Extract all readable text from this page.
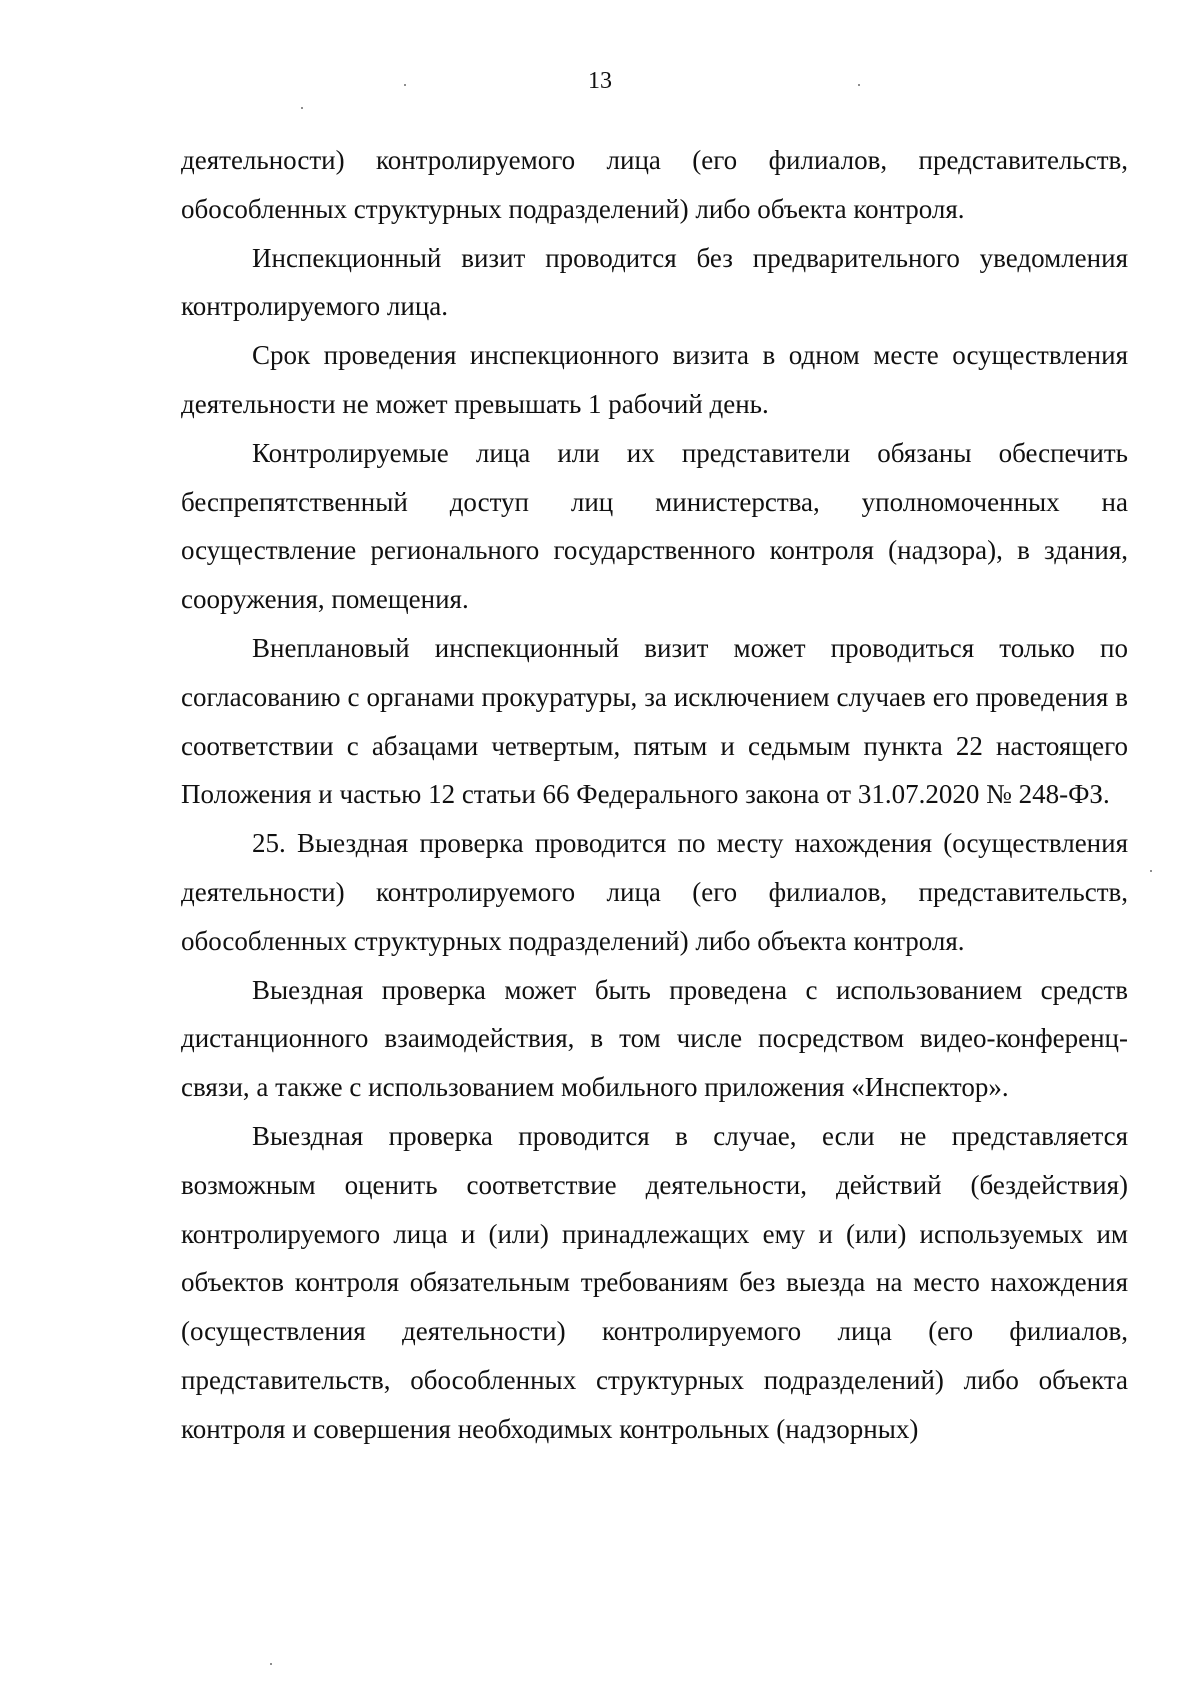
13

деятельности) контролируемого лица (его филиалов, представительств, обособленных структурных подразделений) либо объекта контроля.

Инспекционный визит проводится без предварительного уведомления контролируемого лица.

Срок проведения инспекционного визита в одном месте осуществления деятельности не может превышать 1 рабочий день.

Контролируемые лица или их представители обязаны обеспечить беспрепятственный доступ лиц министерства, уполномоченных на осуществление регионального государственного контроля (надзора), в здания, сооружения, помещения.

Внеплановый инспекционный визит может проводиться только по согласованию с органами прокуратуры, за исключением случаев его проведения в соответствии с абзацами четвертым, пятым и седьмым пункта 22 настоящего Положения и частью 12 статьи 66 Федерального закона от 31.07.2020 № 248-ФЗ.

25. Выездная проверка проводится по месту нахождения (осуществления деятельности) контролируемого лица (его филиалов, представительств, обособленных структурных подразделений) либо объекта контроля.

Выездная проверка может быть проведена с использованием средств дистанционного взаимодействия, в том числе посредством видео-конференц-связи, а также с использованием мобильного приложения «Инспектор».

Выездная проверка проводится в случае, если не представляется возможным оценить соответствие деятельности, действий (бездействия) контролируемого лица и (или) принадлежащих ему и (или) используемых им объектов контроля обязательным требованиям без выезда на место нахождения (осуществления деятельности) контролируемого лица (его филиалов, представительств, обособленных структурных подразделений) либо объекта контроля и совершения необходимых контрольных (надзорных)
